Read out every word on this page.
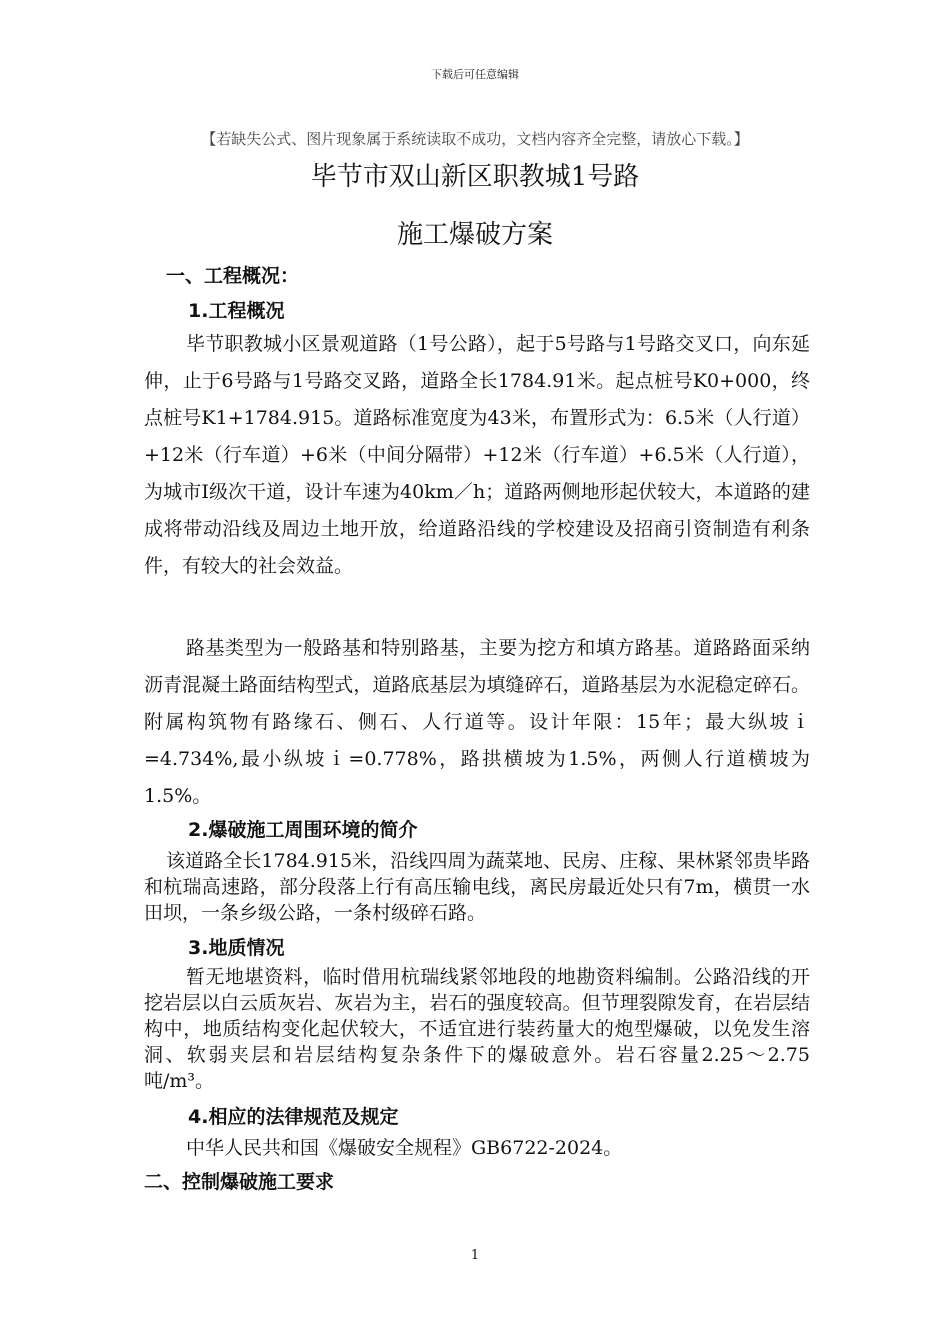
下载后可任意编辑
【若缺失公式、图片现象属于系统读取不成功，文档内容齐全完整，请放心下载。】
毕节市双山新区职教城1号路
施工爆破方案
一、工程概况：
1.工程概况
毕节职教城小区景观道路（1号公路），起于5号路与1号路交叉口，向东延伸，止于6号路与1号路交叉路，道路全长1784.91米。起点桩号K0+000，终点桩号K1+1784.915。道路标准宽度为43米，布置形式为：6.5米（人行道）+12米（行车道）+6米（中间分隔带）+12米（行车道）+6.5米（人行道），为城市Ⅰ级次干道，设计车速为40km／h；道路两侧地形起伏较大，本道路的建成将带动沿线及周边土地开放，给道路沿线的学校建设及招商引资制造有利条件，有较大的社会效益。
路基类型为一般路基和特别路基，主要为挖方和填方路基。道路路面采纳沥青混凝土路面结构型式，道路底基层为填缝碎石，道路基层为水泥稳定碎石。附属构筑物有路缘石、侧石、人行道等。设计年限：15年；最大纵坡ｉ=4.734%,最小纵坡ｉ=0.778%，路拱横坡为1.5%，两侧人行道横坡为1.5%。
2.爆破施工周围环境的简介
该道路全长1784.915米，沿线四周为蔬菜地、民房、庄稼、果林紧邻贵毕路和杭瑞高速路，部分段落上行有高压输电线，离民房最近处只有7m，横贯一水田坝，一条乡级公路，一条村级碎石路。
3.地质情况
暂无地堪资料，临时借用杭瑞线紧邻地段的地勘资料编制。公路沿线的开挖岩层以白云质灰岩、灰岩为主，岩石的强度较高。但节理裂隙发育，在岩层结构中，地质结构变化起伏较大，不适宜进行装药量大的炮型爆破，以免发生溶洞、软弱夹层和岩层结构复杂条件下的爆破意外。岩石容量2.25～2.75吨/m³。
4.相应的法律规范及规定
中华人民共和国《爆破安全规程》GB6722-2024。
二、控制爆破施工要求
1
